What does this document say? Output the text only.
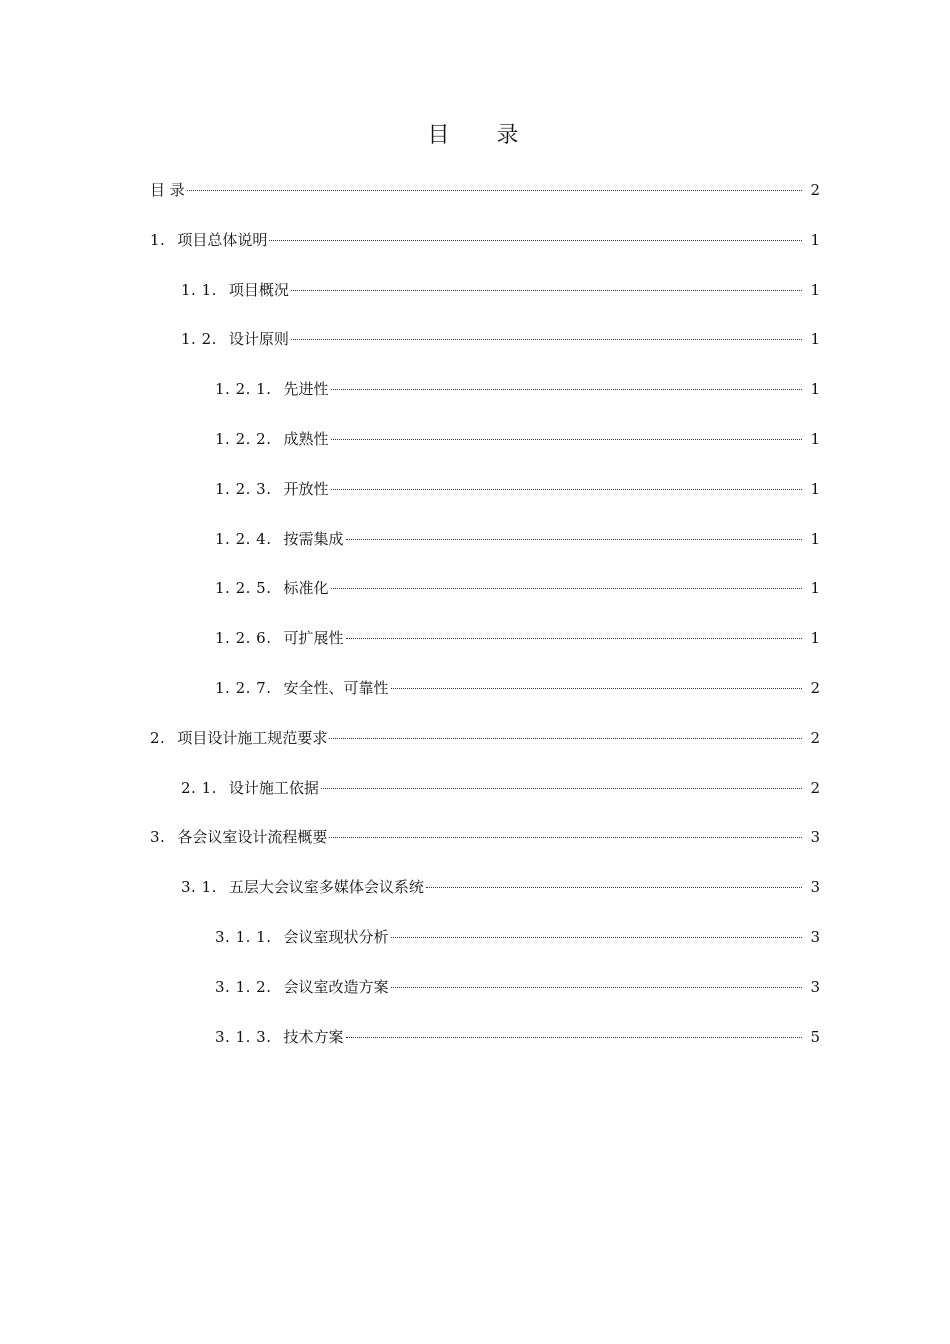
目 录
目 录	2
1. 项目总体说明	1
1. 1. 项目概况	1
1. 2. 设计原则	1
1. 2. 1. 先进性	1
1. 2. 2. 成熟性	1
1. 2. 3. 开放性	1
1. 2. 4. 按需集成	1
1. 2. 5. 标准化	1
1. 2. 6. 可扩展性	1
1. 2. 7. 安全性、可靠性	2
2. 项目设计施工规范要求	2
2. 1. 设计施工依据	2
3. 各会议室设计流程概要	3
3. 1. 五层大会议室多媒体会议系统	3
3. 1. 1. 会议室现状分析	3
3. 1. 2. 会议室改造方案	3
3. 1. 3. 技术方案	5
